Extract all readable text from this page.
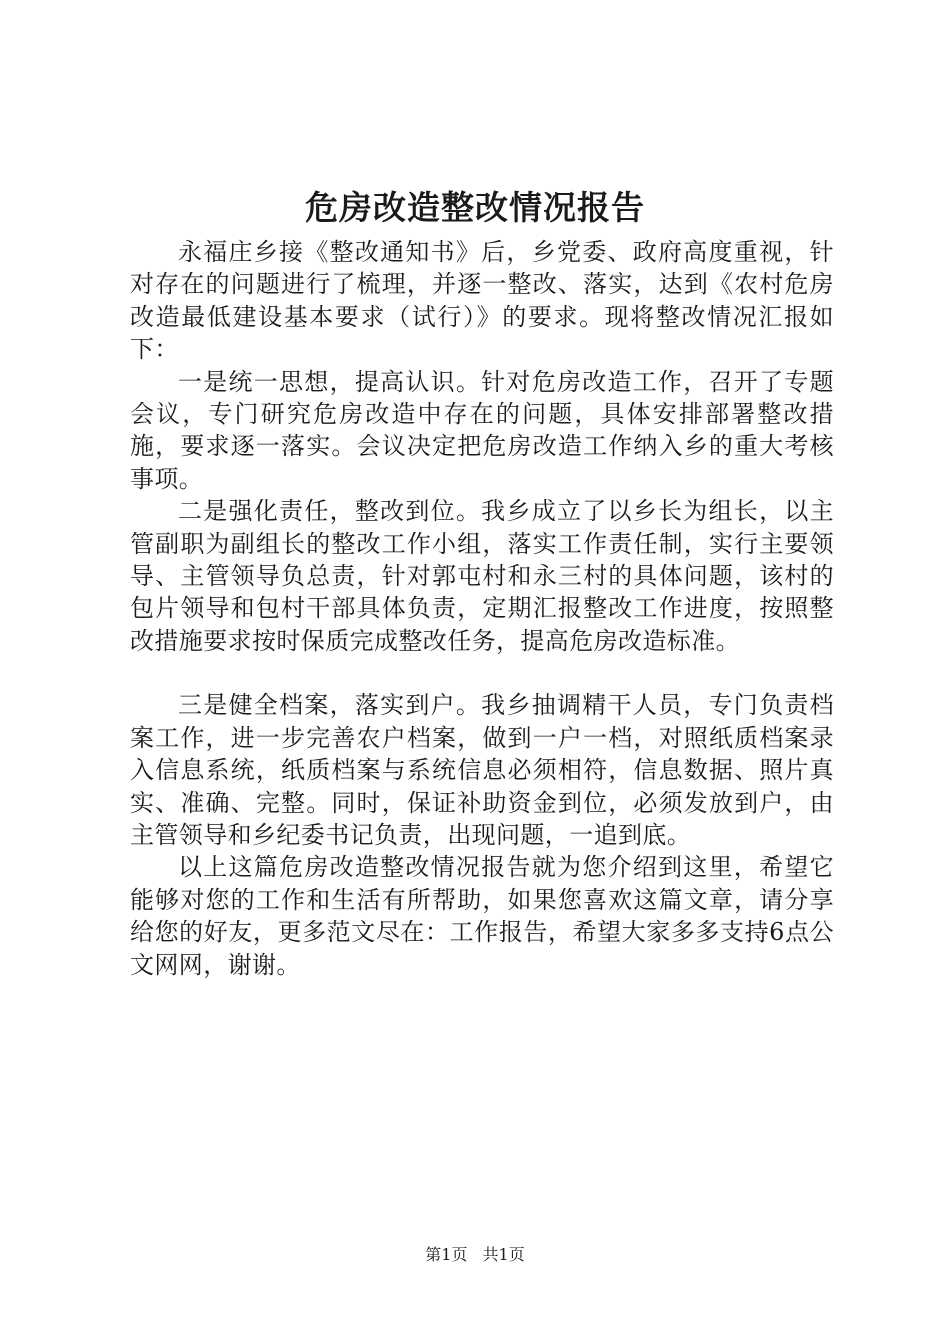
危房改造整改情况报告

永福庄乡接《整改通知书》后，乡党委、政府高度重视，针对存在的问题进行了梳理，并逐一整改、落实，达到《农村危房改造最低建设基本要求（试行）》的要求。现将整改情况汇报如下：

一是统一思想，提高认识。针对危房改造工作，召开了专题会议，专门研究危房改造中存在的问题，具体安排部署整改措施，要求逐一落实。会议决定把危房改造工作纳入乡的重大考核事项。

二是强化责任，整改到位。我乡成立了以乡长为组长，以主管副职为副组长的整改工作小组，落实工作责任制，实行主要领导、主管领导负总责，针对郭屯村和永三村的具体问题，该村的包片领导和包村干部具体负责，定期汇报整改工作进度，按照整改措施要求按时保质完成整改任务，提高危房改造标准。

三是健全档案，落实到户。我乡抽调精干人员，专门负责档案工作，进一步完善农户档案，做到一户一档，对照纸质档案录入信息系统，纸质档案与系统信息必须相符，信息数据、照片真实、准确、完整。同时，保证补助资金到位，必须发放到户，由主管领导和乡纪委书记负责，出现问题，一追到底。

以上这篇危房改造整改情况报告就为您介绍到这里，希望它能够对您的工作和生活有所帮助，如果您喜欢这篇文章，请分享给您的好友，更多范文尽在：工作报告，希望大家多多支持6点公文网网，谢谢。

第1页 共1页
